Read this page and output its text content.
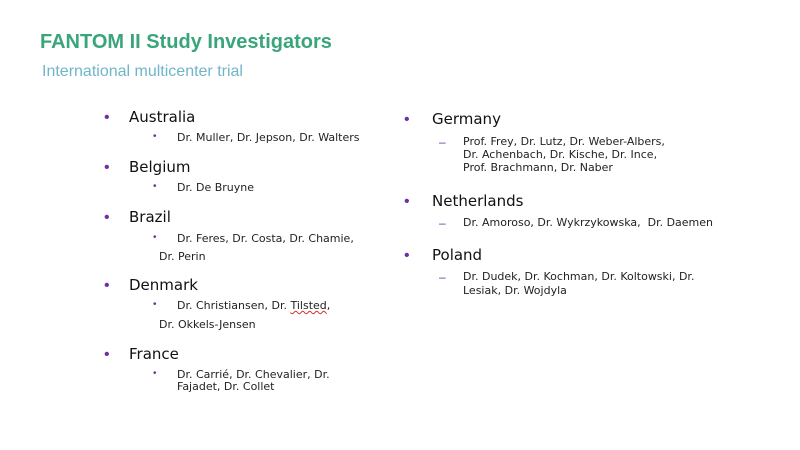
FANTOM II Study Investigators
International multicenter trial
• Australia
• Dr. Muller, Dr. Jepson, Dr. Walters
• Belgium
• Dr. De Bruyne
• Brazil
• Dr. Feres, Dr. Costa, Dr. Chamie,
Dr. Perin
• Denmark
• Dr. Christiansen, Dr. Tilsted,
Dr. Okkels-Jensen
• France
• Dr. Carrié, Dr. Chevalier, Dr.
Fajadet, Dr. Collet
• Germany
– Prof. Frey, Dr. Lutz, Dr. Weber-Albers,
Dr. Achenbach, Dr. Kische, Dr. Ince,
Prof. Brachmann, Dr. Naber
• Netherlands
– Dr. Amoroso, Dr. Wykrzykowska,  Dr. Daemen
• Poland
– Dr. Dudek, Dr. Kochman, Dr. Koltowski, Dr.
Lesiak, Dr. Wojdyla
